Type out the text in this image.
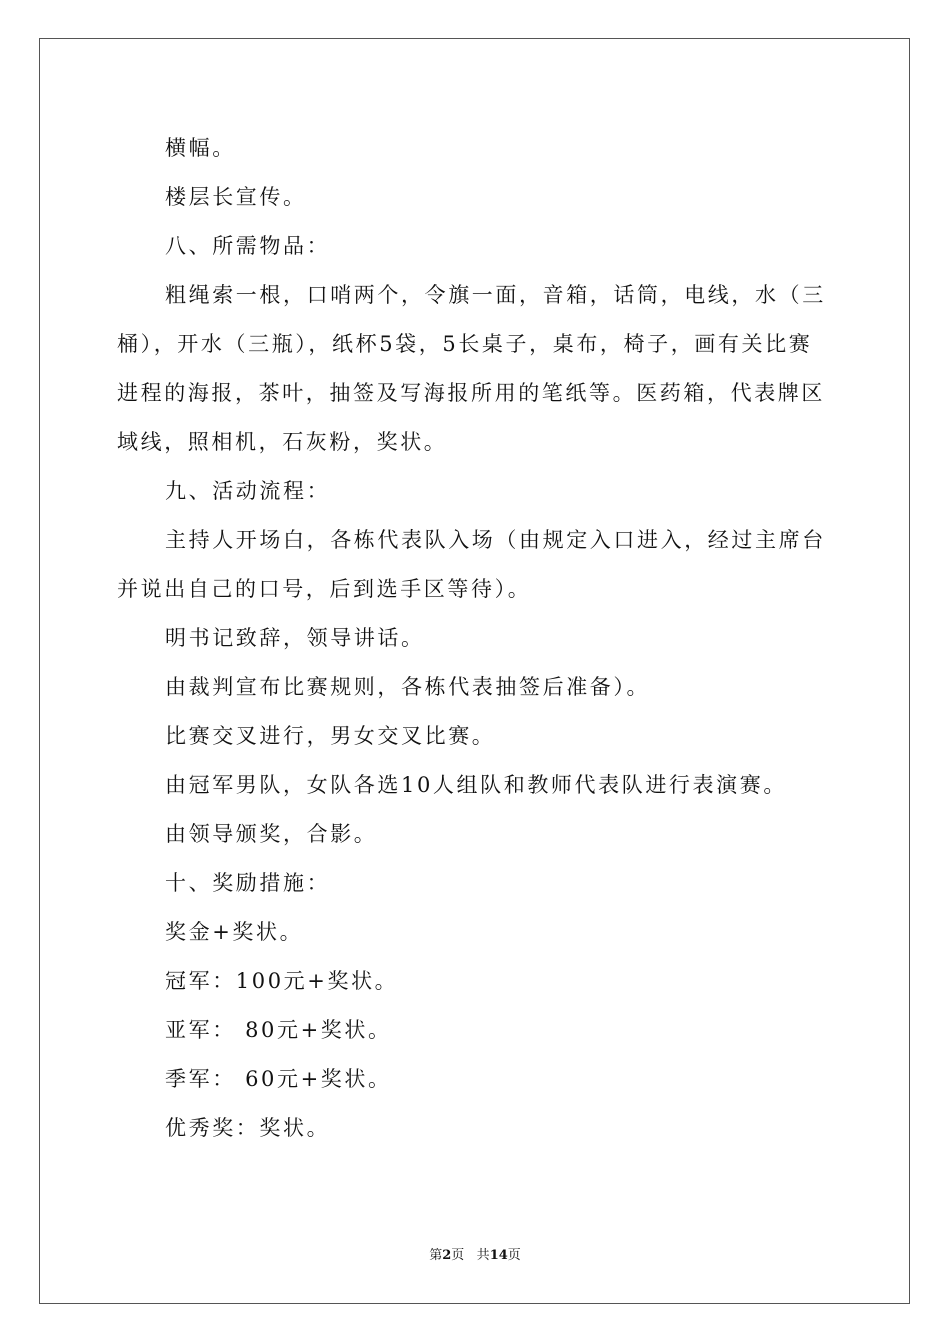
横幅。

楼层长宣传。

八、所需物品：

粗绳索一根，口哨两个，令旗一面，音箱，话筒，电线，水（三桶），开水（三瓶），纸杯5袋，5长桌子，桌布，椅子，画有关比赛进程的海报，茶叶，抽签及写海报所用的笔纸等。医药箱，代表牌区域线，照相机，石灰粉，奖状。

九、活动流程：

主持人开场白，各栋代表队入场（由规定入口进入，经过主席台并说出自己的口号，后到选手区等待）。

明书记致辞，领导讲话。

由裁判宣布比赛规则，各栋代表抽签后准备）。

比赛交叉进行，男女交叉比赛。

由冠军男队，女队各选10人组队和教师代表队进行表演赛。

由领导颁奖，合影。

十、奖励措施：

奖金+奖状。

冠军：100元+奖状。

亚军： 80元+奖状。

季军： 60元+奖状。

优秀奖：奖状。

第2页 共14页
